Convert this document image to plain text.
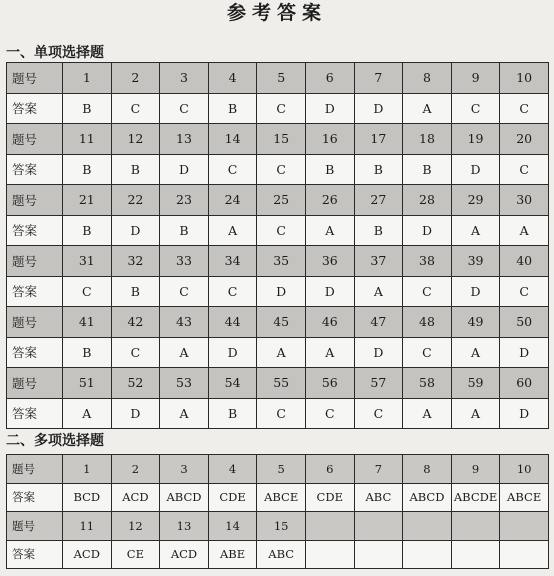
参考答案
一、单项选择题
题号	1	2	3	4	5	6	7	8	9	10
答案	B	C	C	B	C	D	D	A	C	C
题号	11	12	13	14	15	16	17	18	19	20
答案	B	B	D	C	C	B	B	B	D	C
题号	21	22	23	24	25	26	27	28	29	30
答案	B	D	B	A	C	A	B	D	A	A
题号	31	32	33	34	35	36	37	38	39	40
答案	C	B	C	C	D	D	A	C	D	C
题号	41	42	43	44	45	46	47	48	49	50
答案	B	C	A	D	A	A	D	C	A	D
题号	51	52	53	54	55	56	57	58	59	60
答案	A	D	A	B	C	C	C	A	A	D
二、多项选择题
题号	1	2	3	4	5	6	7	8	9	10
答案	BCD	ACD	ABCD	CDE	ABCE	CDE	ABC	ABCD	ABCDE	ABCE
题号	11	12	13	14	15					
答案	ACD	CE	ACD	ABE	ABC					
